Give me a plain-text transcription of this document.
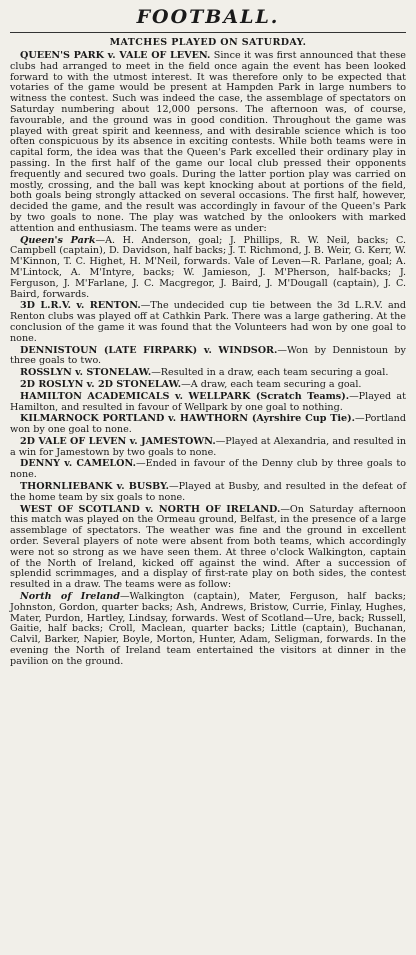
FOOTBALL.
MATCHES PLAYED ON SATURDAY.

QUEEN'S PARK v. VALE OF LEVEN. Since it was first announced that these clubs had arranged to meet in the field once again the event has been looked forward to with the utmost interest. It was therefore only to be expected that votaries of the game would be present at Hampden Park in large numbers to witness the contest. Such was indeed the case, the assemblage of spectators on Saturday numbering about 12,000 persons. The afternoon was, of course, favourable, and the ground was in good condition. Throughout the game was played with great spirit and keenness, and with desirable science which is too often conspicuous by its absence in exciting contests. While both teams were in capital form, the idea was that the Queen's Park excelled their ordinary play in passing. In the first half of the game our local club pressed their opponents frequently and secured two goals. During the latter portion play was carried on mostly, crossing, and the ball was kept knocking about at portions of the field, both goals being strongly attacked on several occasions. The first half, however, decided the game, and the result was accordingly in favour of the Queen's Park by two goals to none. The play was watched by the onlookers with marked attention and enthusiasm. The teams were as under:

Queen's Park—A. H. Anderson, goal; J. Phillips, R. W. Neil, backs; C. Campbell (captain), D. Davidson, half backs; J. T. Richmond, J. B. Weir, G. Kerr, W. M'Kinnon, T. C. Highet, H. M'Neil, forwards. Vale of Leven—R. Parlane, goal; A. M'Lintock, A. M'Intyre, backs; W. Jamieson, J. M'Pherson, half-backs; J. Ferguson, J. M'Farlane, J. C. Macgregor, J. Baird, J. M'Dougall (captain), J. C. Baird, forwards.

3D L.R.V. v. RENTON.—The undecided cup tie between the 3d L.R.V. and Renton clubs was played off at Cathkin Park. There was a large gathering. At the conclusion of the game it was found that the Volunteers had won by one goal to none.

DENNISTOUN (LATE FIRPARK) v. WINDSOR.—Won by Dennistoun by three goals to two.

ROSSLYN v. STONELAW.—Resulted in a draw, each team securing a goal.

2D ROSLYN v. 2D STONELAW.—A draw, each team securing a goal.

HAMILTON ACADEMICALS v. WELLPARK (Scratch Teams).—Played at Hamilton, and resulted in favour of Wellpark by one goal to nothing.

KILMARNOCK PORTLAND v. HAWTHORN (Ayrshire Cup Tie).—Portland won by one goal to none.

2D VALE OF LEVEN v. JAMESTOWN.—Played at Alexandria, and resulted in a win for Jamestown by two goals to none.

DENNY v. CAMELON.—Ended in favour of the Denny club by three goals to none.

THORNLIEBANK v. BUSBY.—Played at Busby, and resulted in the defeat of the home team by six goals to none.

WEST OF SCOTLAND v. NORTH OF IRELAND.—On Saturday afternoon this match was played on the Ormeau ground, Belfast, in the presence of a large assemblage of spectators. The weather was fine and the ground in excellent order. Several players of note were absent from both teams, which accordingly were not so strong as we have seen them. At three o'clock Walkington, captain of the North of Ireland, kicked off against the wind. After a succession of splendid scrimmages, and a display of first-rate play on both sides, the contest resulted in a draw. The teams were as follow:

North of Ireland—Walkington (captain), Mater, Ferguson, half backs; Johnston, Gordon, quarter backs; Ash, Andrews, Bristow, Currie, Finlay, Hughes, Mater, Purdon, Hartley, Lindsay, forwards. West of Scotland—Ure, back; Russell, Gaitie, half backs; Croll, Maclean, quarter backs; Little (captain), Buchanan, Calvil, Barker, Napier, Boyle, Morton, Hunter, Adam, Seligman, forwards. In the evening the North of Ireland team entertained the visitors at dinner in the pavilion on the ground.
